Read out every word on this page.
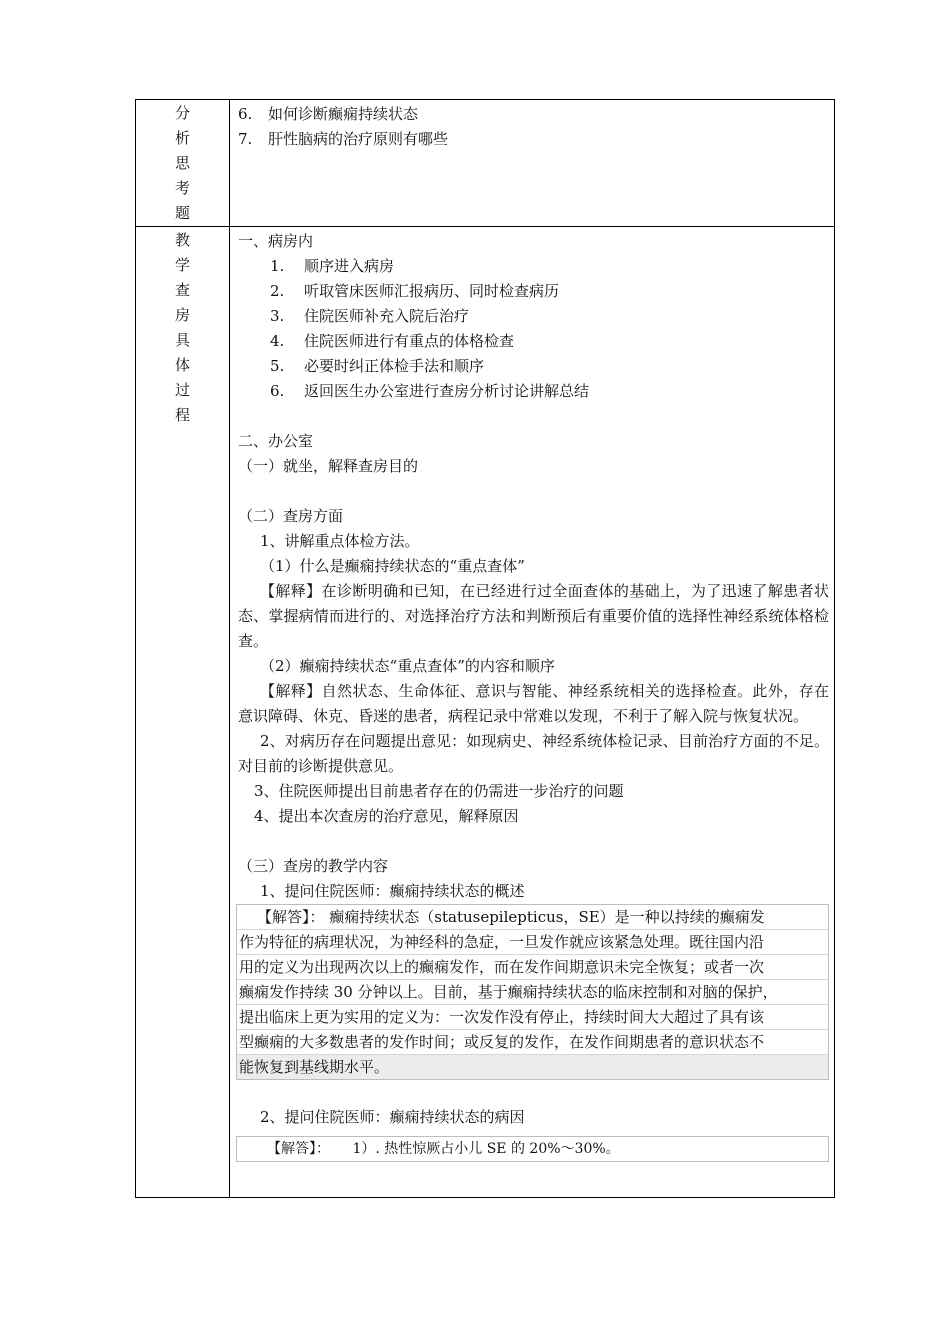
分
析
思
考
题
6. 如何诊断癫痫持续状态
7. 肝性脑病的治疗原则有哪些
教
学
查
房
具
体
过
程
一、病房内
1. 顺序进入病房
2. 听取管床医师汇报病历、同时检查病历
3. 住院医师补充入院后治疗
4. 住院医师进行有重点的体格检查
5. 必要时纠正体检手法和顺序
6. 返回医生办公室进行查房分析讨论讲解总结
二、办公室
（一）就坐，解释查房目的
（二）查房方面
1、讲解重点体检方法。
（1）什么是癫痫持续状态的“重点查体”
【解释】在诊断明确和已知，在已经进行过全面查体的基础上，为了迅速了解患者状态、掌握病情而进行的、对选择治疗方法和判断预后有重要价值的选择性神经系统体格检查。
（2）癫痫持续状态“重点查体”的内容和顺序
【解释】自然状态、生命体征、意识与智能、神经系统相关的选择检查。此外，存在意识障碍、休克、昏迷的患者，病程记录中常难以发现，不利于了解入院与恢复状况。
2、对病历存在问题提出意见：如现病史、神经系统体检记录、目前治疗方面的不足。对目前的诊断提供意见。
3、住院医师提出目前患者存在的仍需进一步治疗的问题
4、提出本次查房的治疗意见，解释原因
（三）查房的教学内容
1、提问住院医师：癫痫持续状态的概述
【解答】： 癫痫持续状态（statusepilepticus，SE）是一种以持续的癫痫发
作为特征的病理状况，为神经科的急症，一旦发作就应该紧急处理。既往国内沿
用的定义为出现两次以上的癫痫发作，而在发作间期意识未完全恢复；或者一次
癫痫发作持续 30 分钟以上。目前，基于癫痫持续状态的临床控制和对脑的保护，
提出临床上更为实用的定义为：一次发作没有停止，持续时间大大超过了具有该
型癫痫的大多数患者的发作时间；或反复的发作，在发作间期患者的意识状态不
能恢复到基线期水平。
2、提问住院医师：癫痫持续状态的病因
【解答】： 1）. 热性惊厥占小儿 SE 的 20%～30%。
